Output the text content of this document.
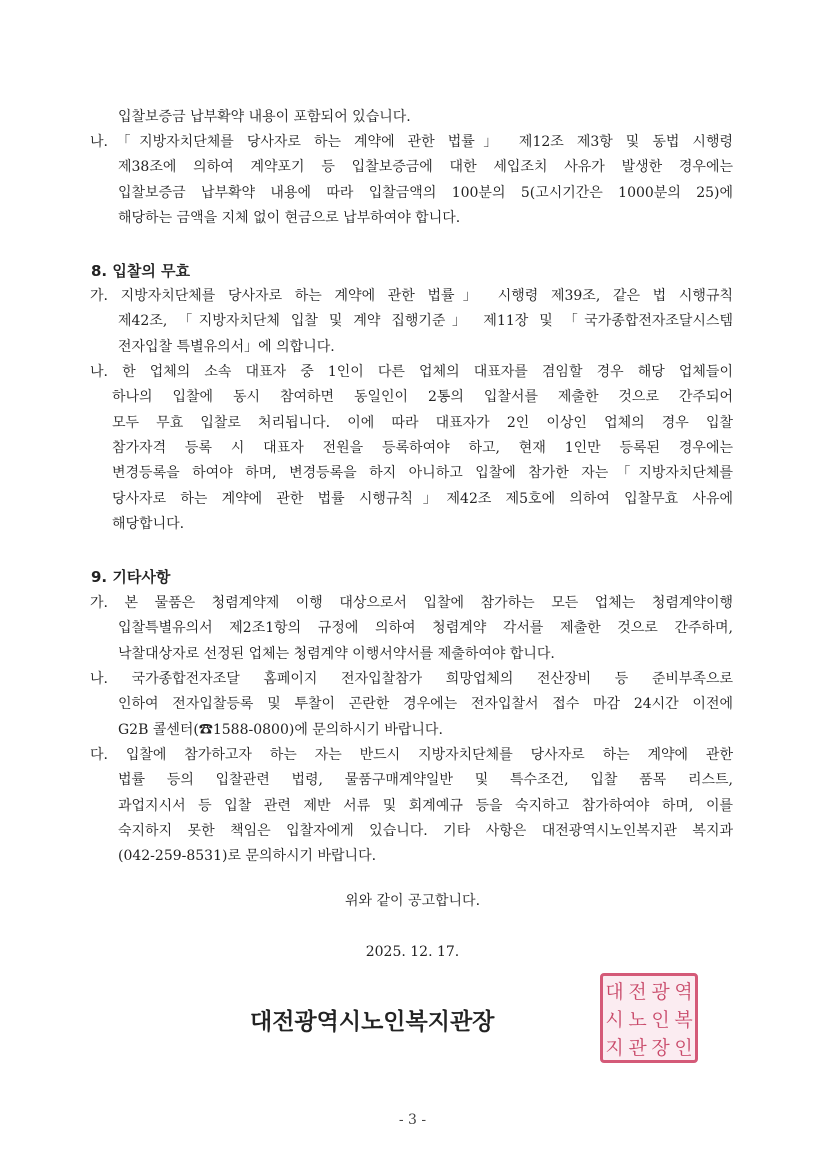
입찰보증금 납부확약 내용이 포함되어 있습니다.
나.「지방자치단체를 당사자로 하는 계약에 관한 법률」 제12조 제3항 및 동법 시행령
제38조에 의하여 계약포기 등 입찰보증금에 대한 세입조치 사유가 발생한 경우에는
입찰보증금 납부확약 내용에 따라 입찰금액의 100분의 5(고시기간은 1000분의 25)에
해당하는 금액을 지체 없이 현금으로 납부하여야 합니다.
8. 입찰의 무효
가. 지방자치단체를 당사자로 하는 계약에 관한 법률」 시행령 제39조, 같은 법 시행규칙
제42조, 「지방자치단체 입찰 및 계약 집행기준」 제11장 및 「국가종합전자조달시스템
전자입찰 특별유의서」에 의합니다.
나. 한 업체의 소속 대표자 중 1인이 다른 업체의 대표자를 겸임할 경우 해당 업체들이
하나의 입찰에 동시 참여하면 동일인이 2통의 입찰서를 제출한 것으로 간주되어
모두 무효 입찰로 처리됩니다. 이에 따라 대표자가 2인 이상인 업체의 경우 입찰
참가자격 등록 시 대표자 전원을 등록하여야 하고, 현재 1인만 등록된 경우에는
변경등록을 하여야 하며, 변경등록을 하지 아니하고 입찰에 참가한 자는「지방자치단체를
당사자로 하는 계약에 관한 법률 시행규칙」제42조 제5호에 의하여 입찰무효 사유에
해당합니다.
9. 기타사항
가. 본 물품은 청렴계약제 이행 대상으로서 입찰에 참가하는 모든 업체는 청렴계약이행
입찰특별유의서 제2조1항의 규정에 의하여 청렴계약 각서를 제출한 것으로 간주하며,
낙찰대상자로 선정된 업체는 청렴계약 이행서약서를 제출하여야 합니다.
나. 국가종합전자조달 홈페이지 전자입찰참가 희망업체의 전산장비 등 준비부족으로
인하여 전자입찰등록 및 투찰이 곤란한 경우에는 전자입찰서 접수 마감 24시간 이전에
G2B 콜센터(☎1588-0800)에 문의하시기 바랍니다.
다. 입찰에 참가하고자 하는 자는 반드시 지방자치단체를 당사자로 하는 계약에 관한
법률 등의 입찰관련 법령, 물품구매계약일반 및 특수조건, 입찰 품목 리스트,
과업지시서 등 입찰 관련 제반 서류 및 회계예규 등을 숙지하고 참가하여야 하며, 이를
숙지하지 못한 책임은 입찰자에게 있습니다. 기타 사항은 대전광역시노인복지관 복지과
(042-259-8531)로 문의하시기 바랍니다.
위와 같이 공고합니다.
2025. 12. 17.
대전광역시노인복지관장
대 전 광 역
시 노 인 복
지 관 장 인
- 3 -
